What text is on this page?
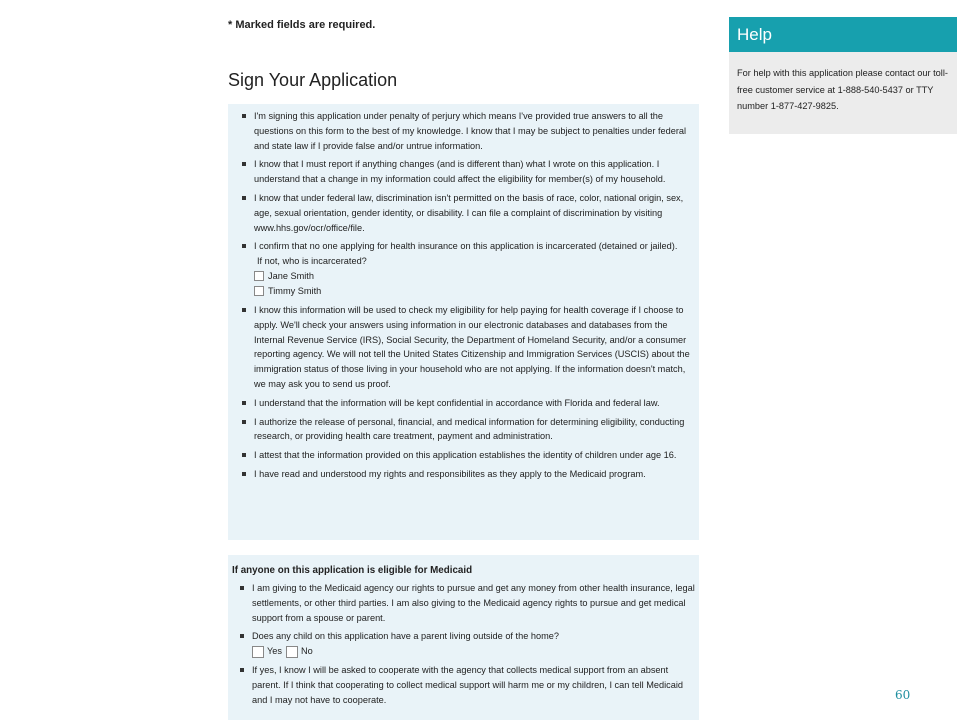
* Marked fields are required.
Sign Your Application
I'm signing this application under penalty of perjury which means I've provided true answers to all the questions on this form to the best of my knowledge. I know that I may be subject to penalties under federal and state law if I provide false and/or untrue information.
I know that I must report if anything changes (and is different than) what I wrote on this application. I understand that a change in my information could affect the eligibility for member(s) of my household.
I know that under federal law, discrimination isn't permitted on the basis of race, color, national origin, sex, age, sexual orientation, gender identity, or disability. I can file a complaint of discrimination by visiting www.hhs.gov/ocr/office/file.
I confirm that no one applying for health insurance on this application is incarcerated (detained or jailed).
If not, who is incarcerated?
Jane Smith
Timmy Smith
I know this information will be used to check my eligibility for help paying for health coverage if I choose to apply. We'll check your answers using information in our electronic databases and databases from the Internal Revenue Service (IRS), Social Security, the Department of Homeland Security, and/or a consumer reporting agency. We will not tell the United States Citizenship and Immigration Services (USCIS) about the immigration status of those living in your household who are not applying. If the information doesn't match, we may ask you to send us proof.
I understand that the information will be kept confidential in accordance with Florida and federal law.
I authorize the release of personal, financial, and medical information for determining eligibility, conducting research, or providing health care treatment, payment and administration.
I attest that the information provided on this application establishes the identity of children under age 16.
I have read and understood my rights and responsibilites as they apply to the Medicaid program.
If anyone on this application is eligible for Medicaid
I am giving to the Medicaid agency our rights to pursue and get any money from other health insurance, legal settlements, or other third parties. I am also giving to the Medicaid agency rights to pursue and get medical support from a spouse or parent.
Does any child on this application have a parent living outside of the home?
Yes No
If yes, I know I will be asked to cooperate with the agency that collects medical support from an absent parent. If I think that cooperating to collect medical support will harm me or my children, I can tell Medicaid and I may not have to cooperate.
Help
For help with this application please contact our toll-free customer service at 1-888-540-5437 or TTY number 1-877-427-9825.
60
